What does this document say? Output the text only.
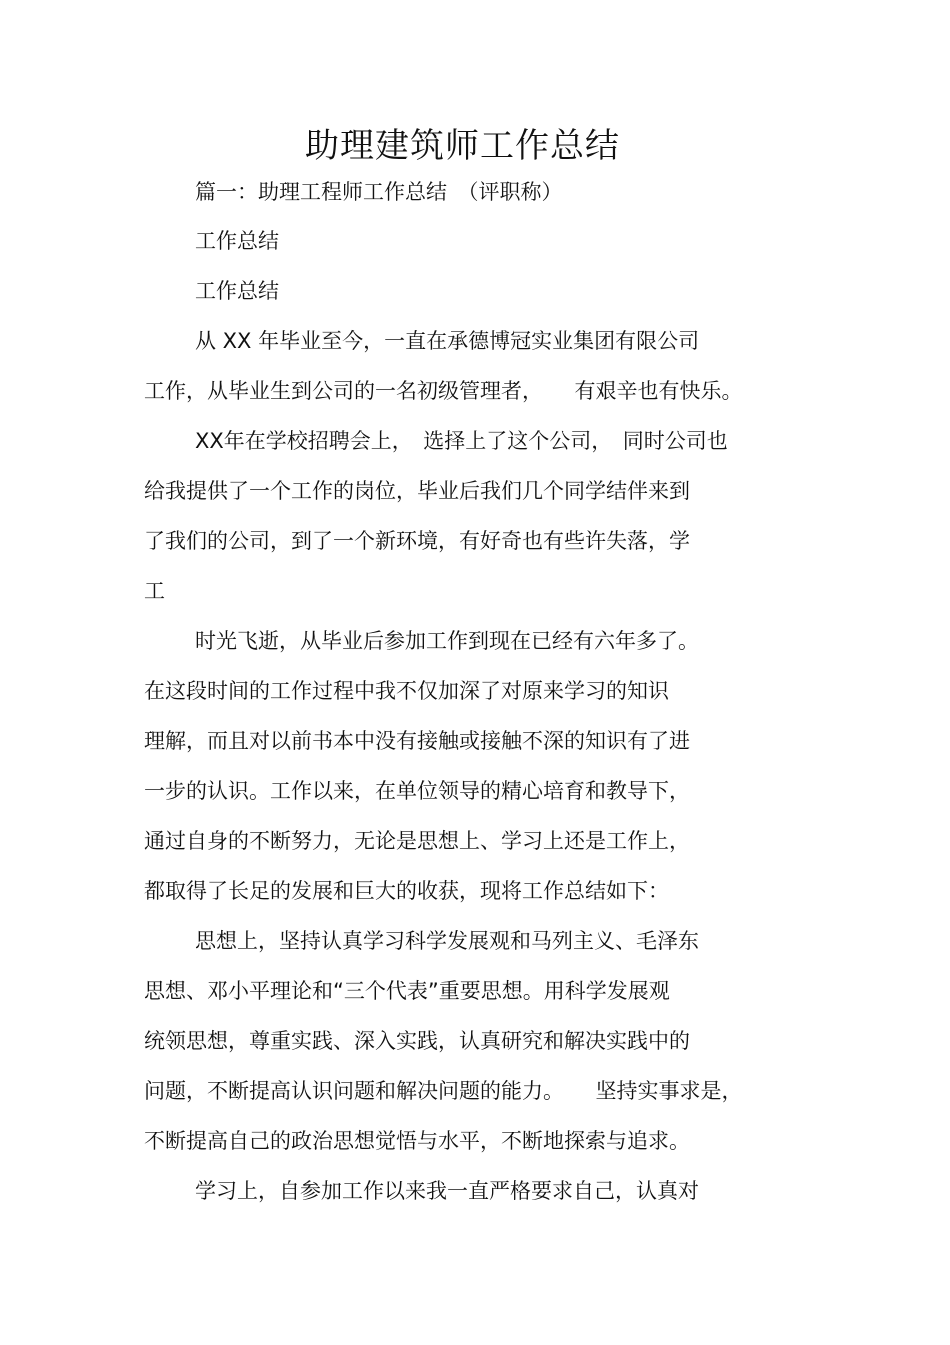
助理建筑师工作总结
篇一：助理工程师工作总结　（评职称）
工作总结
工作总结
从 XX 年毕业至今，一直在承德博冠实业集团有限公司
工作，从毕业生到公司的一名初级管理者，　　有艰辛也有快乐。
XX年在学校招聘会上，　选择上了这个公司，　同时公司也
给我提供了一个工作的岗位，毕业后我们几个同学结伴来到
了我们的公司，到了一个新环境，有好奇也有些许失落，学
工
时光飞逝，从毕业后参加工作到现在已经有六年多了。
在这段时间的工作过程中我不仅加深了对原来学习的知识
理解，而且对以前书本中没有接触或接触不深的知识有了进
一步的认识。工作以来，在单位领导的精心培育和教导下，
通过自身的不断努力，无论是思想上、学习上还是工作上，
都取得了长足的发展和巨大的收获，现将工作总结如下：
思想上，坚持认真学习科学发展观和马列主义、毛泽东
思想、邓小平理论和“三个代表”重要思想。用科学发展观
统领思想，尊重实践、深入实践，认真研究和解决实践中的
问题，不断提高认识问题和解决问题的能力。　　坚持实事求是，
不断提高自己的政治思想觉悟与水平，不断地探索与追求。
学习上，自参加工作以来我一直严格要求自己，认真对
